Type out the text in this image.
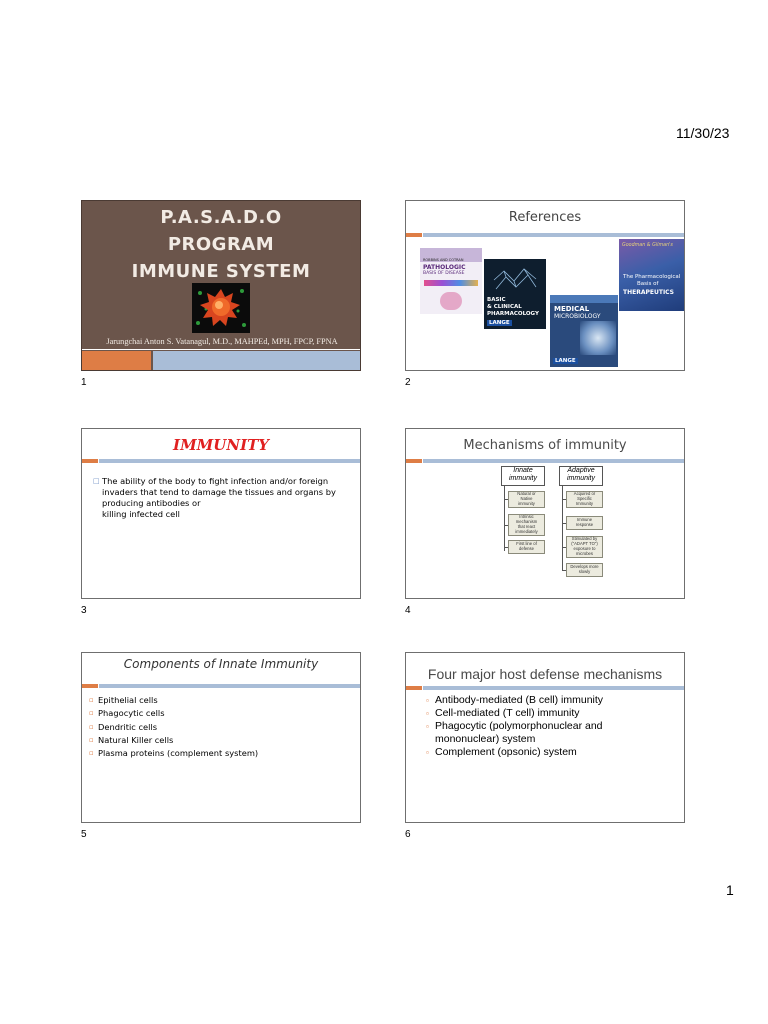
11/30/23
1
P.A.S.A.D.O
PROGRAM
IMMUNE SYSTEM
Jarungchai Anton S. Vatanagul, M.D., MAHPEd, MPH, FPCP, FPNA
1
References
ROBBINS AND COTRAN
PATHOLOGIC
BASIS OF DISEASE
BASIC
& CLINICAL
PHARMACOLOGY
LANGE
MEDICAL
MICROBIOLOGY
LANGE
Goodman & Gilman's
The Pharmacological
Basis of
THERAPEUTICS
2
IMMUNITY
□ The ability of the body to fight infection and/or foreign
invaders that tend to damage the tissues and organs by
producing antibodies or
killing infected cell
3
Mechanisms of immunity
Innate
immunity
Adaptive
immunity
Natural or
Native
immunity
Intrinsic
mechanism
that react
immediately
First line of
defense
Acquired or
Specific
Immunity
Immune
response
Stimulated by
("ADAPT TO")
exposure to
microbes
Develops more
slowly
4
Components of Innate Immunity
▫ Epithelial cells
▫ Phagocytic cells
▫ Dendritic cells
▫ Natural Killer cells
▫ Plasma proteins (complement system)
5
Four major host defense mechanisms
▫ Antibody-mediated (B cell) immunity
▫ Cell-mediated (T cell) immunity
▫ Phagocytic (polymorphonuclear and
mononuclear) system
▫ Complement (opsonic) system
6
